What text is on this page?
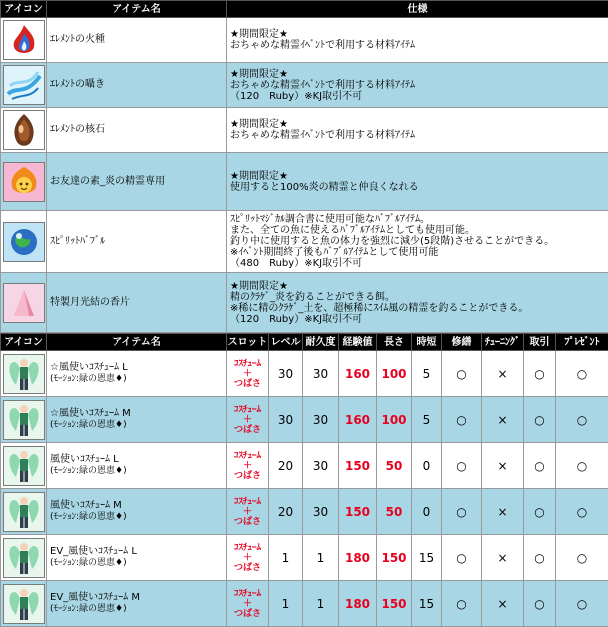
アイコン	アイテム名	仕様

	ｴﾚﾒﾝﾄの火種	★期間限定★
おちゃめな精霊ｲﾍﾞﾝﾄで利用する材料ｱｲﾃﾑ

	ｴﾚﾒﾝﾄの囁き	★期間限定★
おちゃめな精霊ｲﾍﾞﾝﾄで利用する材料ｱｲﾃﾑ
（120　Ruby）※KJ取引不可

	ｴﾚﾒﾝﾄの核石	★期間限定★
おちゃめな精霊ｲﾍﾞﾝﾄで利用する材料ｱｲﾃﾑ

	お友達の素_炎の精霊専用	★期間限定★
使用すると100%炎の精霊と仲良くなれる

	ｽﾋﾟﾘｯﾄﾊﾞﾌﾞﾙ	ｽﾋﾟﾘｯﾄﾏｼﾞｶﾙ調合書に使用可能なﾊﾞﾌﾞﾙｱｲﾃﾑ。
また、全ての魚に使えるﾊﾞﾌﾞﾙｱｲﾃﾑとしても使用可能。
釣り中に使用すると魚の体力を強烈に減少(5段階)させることができる。
※ｲﾍﾞﾝﾄ期間終了後もﾊﾞﾌﾞﾙｱｲﾃﾑとして使用可能
（480　Ruby）※KJ取引不可

	特製月光結の香片	★期間限定★
精のｸﾗｹﾞ_炎を釣ることができる餌。
※稀に精のｸﾗｹﾞ_土を、超極稀にｽｲﾑ風の精霊を釣ることができる。
（120　Ruby）※KJ取引不可
アイコン	アイテム名	スロット	レベル	耐久度	経験値	長さ	時短	修繕	ﾁｭｰﾆﾝｸﾞ	取引	ﾌﾟﾚｾﾞﾝﾄ

☆風使いｺｽﾁｭｰﾑ L
(ﾓｰｼｮﾝ:緑の恩恵♦)	ｺｽﾁｭｰﾑ
＋
つばさ	30	30	160	100	5	○	×	○	○

☆風使いｺｽﾁｭｰﾑ M
(ﾓｰｼｮﾝ:緑の恩恵♦)	ｺｽﾁｭｰﾑ
＋
つばさ	30	30	160	100	5	○	×	○	○

風使いｺｽﾁｭｰﾑ L
(ﾓｰｼｮﾝ:緑の恩恵♦)	ｺｽﾁｭｰﾑ
＋
つばさ	20	30	150	50	0	○	×	○	○

風使いｺｽﾁｭｰﾑ M
(ﾓｰｼｮﾝ:緑の恩恵♦)	ｺｽﾁｭｰﾑ
＋
つばさ	20	30	150	50	0	○	×	○	○

EV_風使いｺｽﾁｭｰﾑ L
(ﾓｰｼｮﾝ:緑の恩恵♦)	ｺｽﾁｭｰﾑ
＋
つばさ	1	1	180	150	15	○	×	○	○

EV_風使いｺｽﾁｭｰﾑ M
(ﾓｰｼｮﾝ:緑の恩恵♦)	ｺｽﾁｭｰﾑ
＋
つばさ	1	1	180	150	15	○	×	○	○
